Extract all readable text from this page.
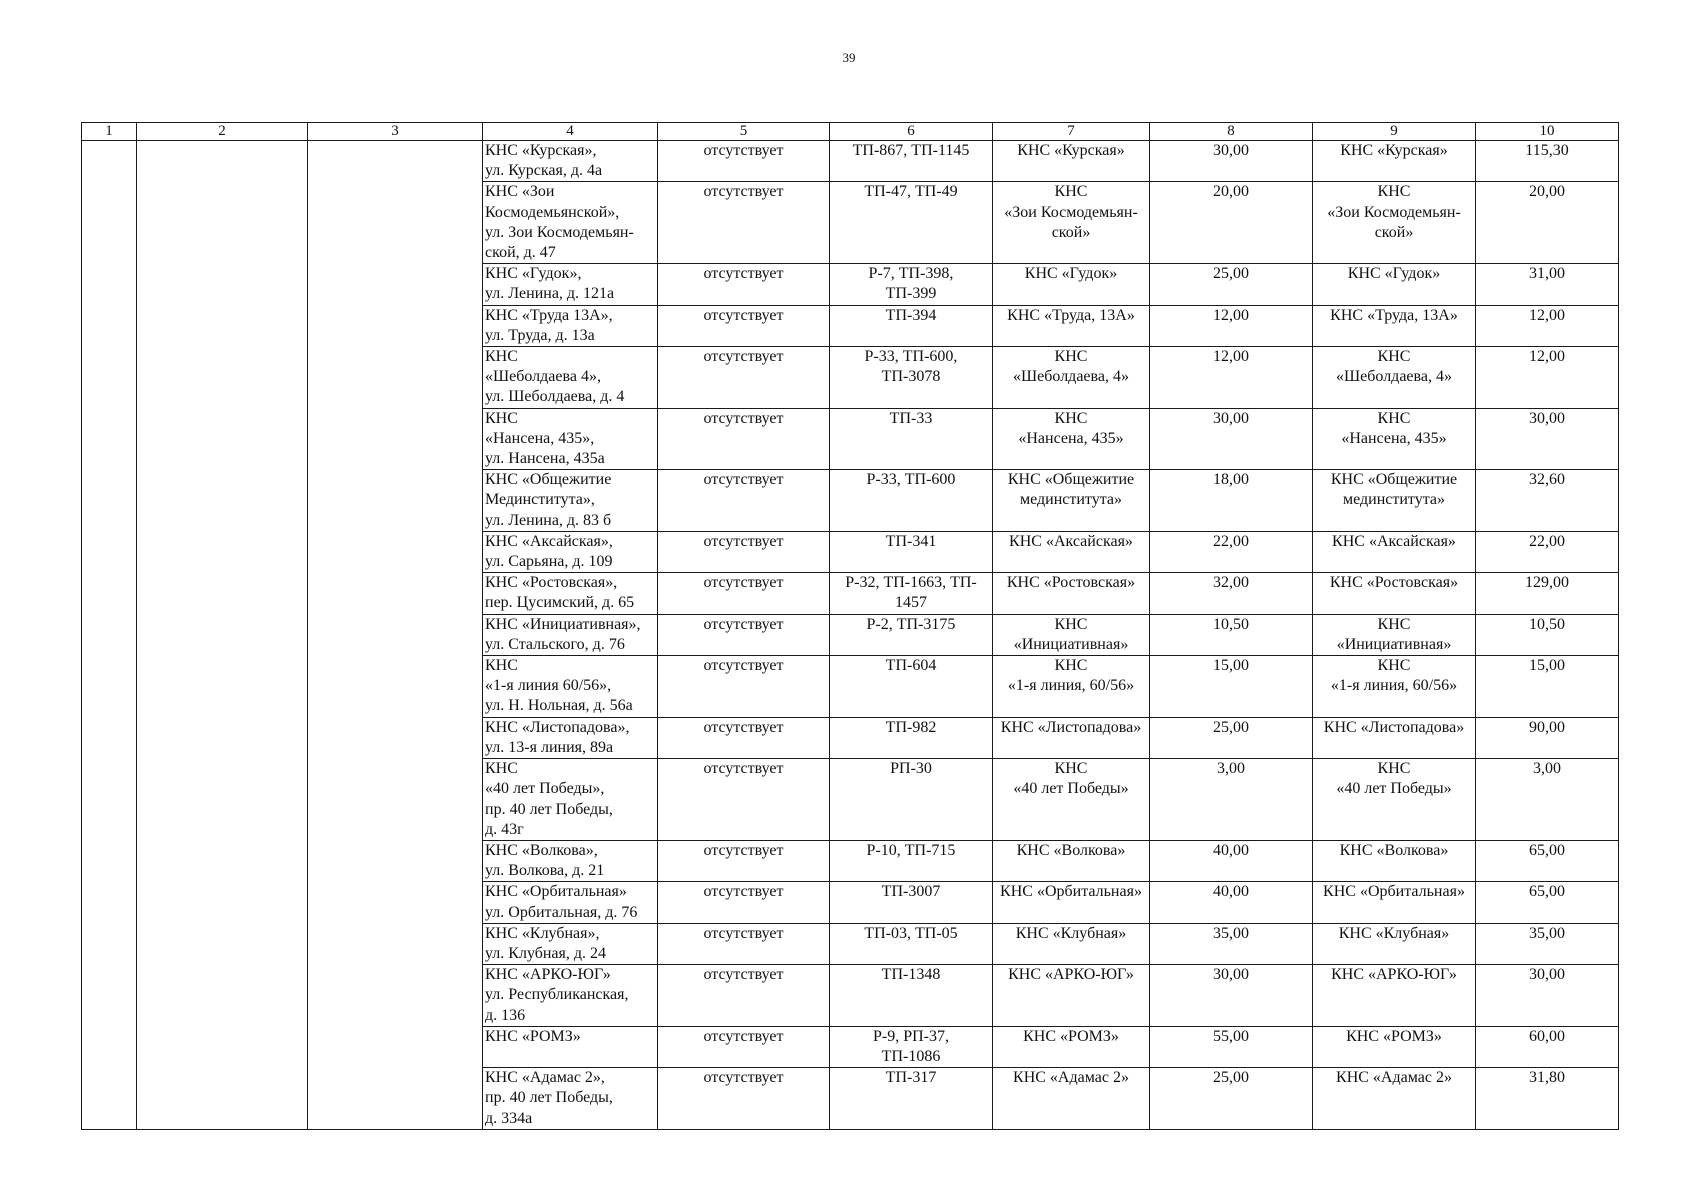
39
1	2	3	4	5	6	7	8	9	10
			КНС «Курская»,
ул. Курская, д. 4а	отсутствует	ТП-867, ТП-1145	КНС «Курская»	30,00	КНС «Курская»	115,30
			КНС «Зои
Космодемьянской»,
ул. Зои Космодемьян-
ской, д. 47	отсутствует	ТП-47, ТП-49	КНС
«Зои Космодемьян-
ской»	20,00	КНС
«Зои Космодемьян-
ской»	20,00
			КНС «Гудок»,
ул. Ленина, д. 121а	отсутствует	Р-7, ТП-398,
ТП-399	КНС «Гудок»	25,00	КНС «Гудок»	31,00
			КНС «Труда 13А»,
ул. Труда, д. 13а	отсутствует	ТП-394	КНС «Труда, 13А»	12,00	КНС «Труда, 13А»	12,00
			КНС
«Шеболдаева 4»,
ул. Шеболдаева, д. 4	отсутствует	Р-33, ТП-600,
ТП-3078	КНС
«Шеболдаева, 4»	12,00	КНС
«Шеболдаева, 4»	12,00
			КНС
«Нансена, 435»,
ул. Нансена, 435а	отсутствует	ТП-33	КНС
«Нансена, 435»	30,00	КНС
«Нансена, 435»	30,00
			КНС «Общежитие
Мединститута»,
ул. Ленина, д. 83 б	отсутствует	Р-33, ТП-600	КНС «Общежитие
мединститута»	18,00	КНС «Общежитие
мединститута»	32,60
			КНС «Аксайская»,
ул. Сарьяна, д. 109	отсутствует	ТП-341	КНС «Аксайская»	22,00	КНС «Аксайская»	22,00
			КНС «Ростовская»,
пер. Цусимский, д. 65	отсутствует	Р-32, ТП-1663, ТП-
1457	КНС «Ростовская»	32,00	КНС «Ростовская»	129,00
			КНС «Инициативная»,
ул. Стальского, д. 76	отсутствует	Р-2, ТП-3175	КНС
«Инициативная»	10,50	КНС
«Инициативная»	10,50
			КНС
«1-я линия 60/56»,
ул. Н. Нольная, д. 56а	отсутствует	ТП-604	КНС
«1-я линия, 60/56»	15,00	КНС
«1-я линия, 60/56»	15,00
			КНС «Листопадова»,
ул. 13-я линия, 89а	отсутствует	ТП-982	КНС «Листопадова»	25,00	КНС «Листопадова»	90,00
			КНС
«40 лет Победы»,
пр. 40 лет Победы,
д. 43г	отсутствует	РП-30	КНС
«40 лет Победы»	3,00	КНС
«40 лет Победы»	3,00
			КНС «Волкова»,
ул. Волкова, д. 21	отсутствует	Р-10, ТП-715	КНС «Волкова»	40,00	КНС «Волкова»	65,00
			КНС «Орбитальная»
ул. Орбитальная, д. 76	отсутствует	ТП-3007	КНС «Орбитальная»	40,00	КНС «Орбитальная»	65,00
			КНС «Клубная»,
ул. Клубная, д. 24	отсутствует	ТП-03, ТП-05	КНС «Клубная»	35,00	КНС «Клубная»	35,00
			КНС «АРКО-ЮГ»
ул. Республиканская,
д. 136	отсутствует	ТП-1348	КНС «АРКО-ЮГ»	30,00	КНС «АРКО-ЮГ»	30,00
			КНС «РОМЗ»	отсутствует	Р-9, РП-37,
ТП-1086	КНС «РОМЗ»	55,00	КНС «РОМЗ»	60,00
			КНС «Адамас 2»,
пр. 40 лет Победы,
д. 334а	отсутствует	ТП-317	КНС «Адамас 2»	25,00	КНС «Адамас 2»	31,80
